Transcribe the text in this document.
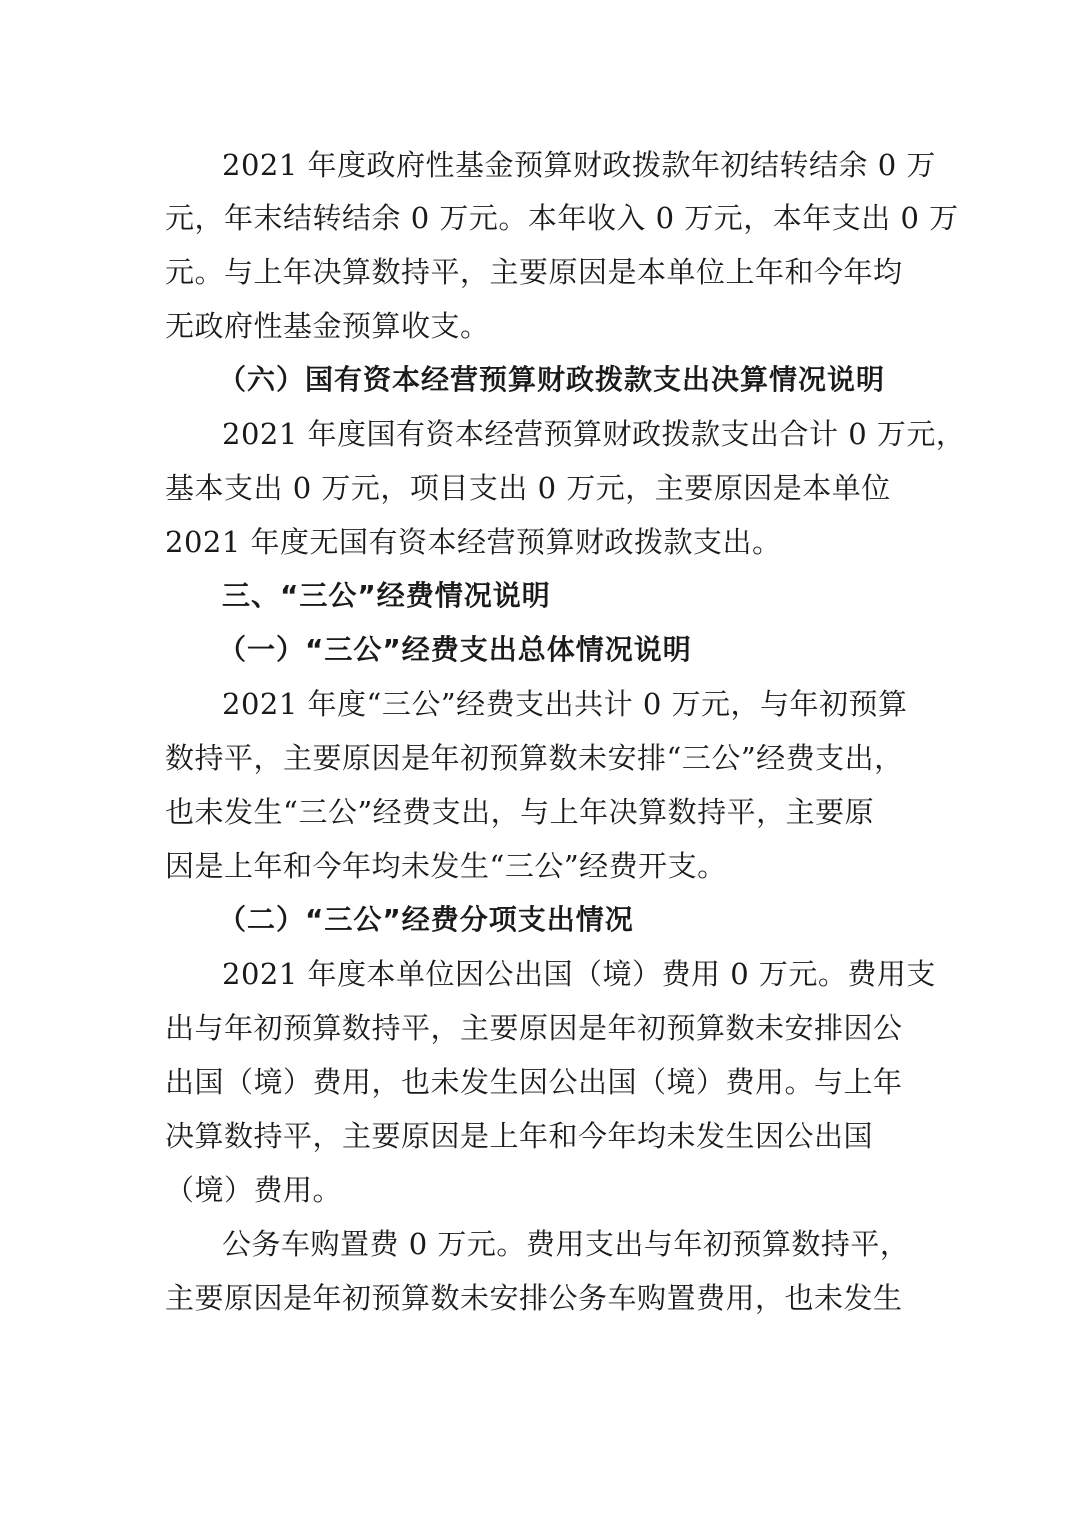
2021 年度政府性基金预算财政拨款年初结转结余 0 万
元，年末结转结余 0 万元。本年收入 0 万元，本年支出 0 万
元。与上年决算数持平，主要原因是本单位上年和今年均
无政府性基金预算收支。
（六）国有资本经营预算财政拨款支出决算情况说明
2021 年度国有资本经营预算财政拨款支出合计 0 万元，
基本支出 0 万元，项目支出 0 万元，主要原因是本单位
2021 年度无国有资本经营预算财政拨款支出。
三、“三公”经费情况说明
（一）“三公”经费支出总体情况说明
2021 年度“三公”经费支出共计 0 万元，与年初预算
数持平，主要原因是年初预算数未安排“三公”经费支出，
也未发生“三公”经费支出，与上年决算数持平，主要原
因是上年和今年均未发生“三公”经费开支。
（二）“三公”经费分项支出情况
2021 年度本单位因公出国（境）费用 0 万元。费用支
出与年初预算数持平，主要原因是年初预算数未安排因公
出国（境）费用，也未发生因公出国（境）费用。与上年
决算数持平，主要原因是上年和今年均未发生因公出国
（境）费用。
公务车购置费 0 万元。费用支出与年初预算数持平，
主要原因是年初预算数未安排公务车购置费用，也未发生
